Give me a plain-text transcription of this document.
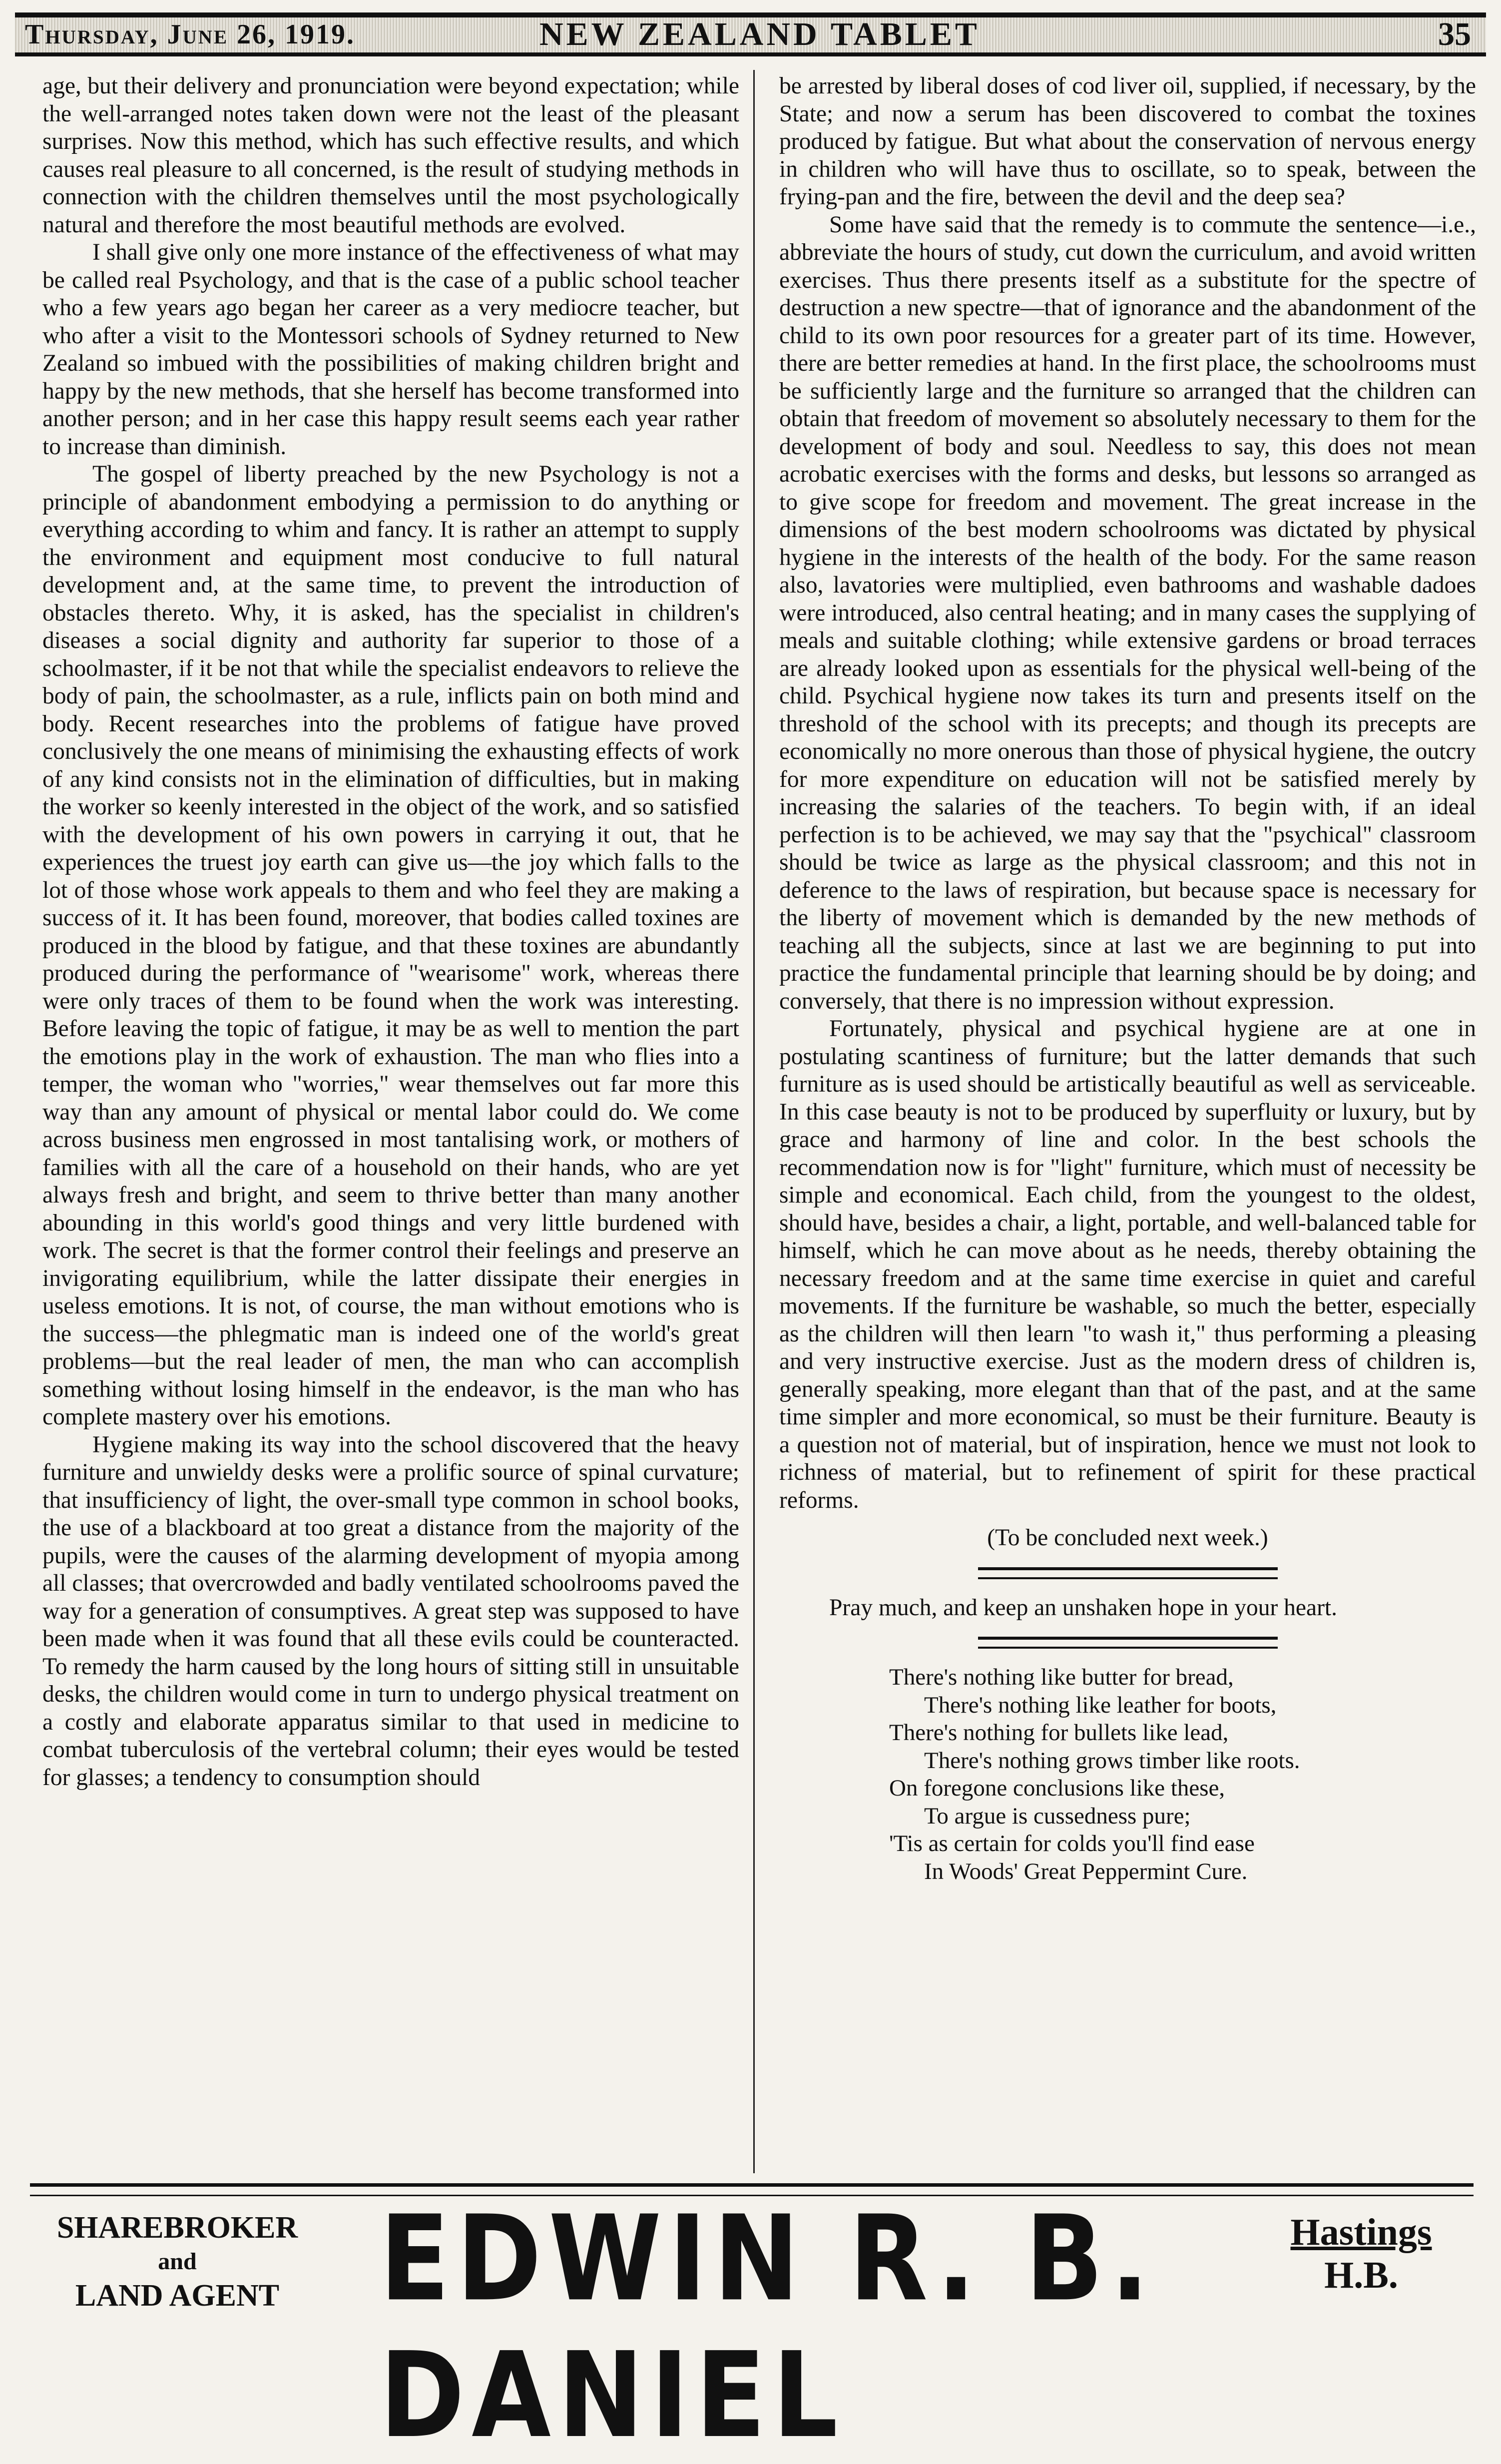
Thursday, June 26, 1919.	NEW ZEALAND TABLET	35

age, but their delivery and pronunciation were beyond expectation; while the well-arranged notes taken down were not the least of the pleasant surprises. Now this method, which has such effective results, and which causes real pleasure to all concerned, is the result of studying methods in connection with the children themselves until the most psychologically natural and therefore the most beautiful methods are evolved.

I shall give only one more instance of the effectiveness of what may be called real Psychology, and that is the case of a public school teacher who a few years ago began her career as a very mediocre teacher, but who after a visit to the Montessori schools of Sydney returned to New Zealand so imbued with the possibilities of making children bright and happy by the new methods, that she herself has become transformed into another person; and in her case this happy result seems each year rather to increase than diminish.

The gospel of liberty preached by the new Psychology is not a principle of abandonment embodying a permission to do anything or everything according to whim and fancy. It is rather an attempt to supply the environment and equipment most conducive to full natural development and, at the same time, to prevent the introduction of obstacles thereto. Why, it is asked, has the specialist in children's diseases a social dignity and authority far superior to those of a schoolmaster, if it be not that while the specialist endeavors to relieve the body of pain, the schoolmaster, as a rule, inflicts pain on both mind and body. Recent researches into the problems of fatigue have proved conclusively the one means of minimising the exhausting effects of work of any kind consists not in the elimination of difficulties, but in making the worker so keenly interested in the object of the work, and so satisfied with the development of his own powers in carrying it out, that he experiences the truest joy earth can give us—the joy which falls to the lot of those whose work appeals to them and who feel they are making a success of it. It has been found, moreover, that bodies called toxines are produced in the blood by fatigue, and that these toxines are abundantly produced during the performance of "wearisome" work, whereas there were only traces of them to be found when the work was interesting. Before leaving the topic of fatigue, it may be as well to mention the part the emotions play in the work of exhaustion. The man who flies into a temper, the woman who "worries," wear themselves out far more this way than any amount of physical or mental labor could do. We come across business men engrossed in most tantalising work, or mothers of families with all the care of a household on their hands, who are yet always fresh and bright, and seem to thrive better than many another abounding in this world's good things and very little burdened with work. The secret is that the former control their feelings and preserve an invigorating equilibrium, while the latter dissipate their energies in useless emotions. It is not, of course, the man without emotions who is the success—the phlegmatic man is indeed one of the world's great problems—but the real leader of men, the man who can accomplish something without losing himself in the endeavor, is the man who has complete mastery over his emotions.

Hygiene making its way into the school discovered that the heavy furniture and unwieldy desks were a prolific source of spinal curvature; that insufficiency of light, the over-small type common in school books, the use of a blackboard at too great a distance from the majority of the pupils, were the causes of the alarming development of myopia among all classes; that overcrowded and badly ventilated schoolrooms paved the way for a generation of consumptives. A great step was supposed to have been made when it was found that all these evils could be counteracted. To remedy the harm caused by the long hours of sitting still in unsuitable desks, the children would come in turn to undergo physical treatment on a costly and elaborate apparatus similar to that used in medicine to combat tuberculosis of the vertebral column; their eyes would be tested for glasses; a tendency to consumption should

be arrested by liberal doses of cod liver oil, supplied, if necessary, by the State; and now a serum has been discovered to combat the toxines produced by fatigue. But what about the conservation of nervous energy in children who will have thus to oscillate, so to speak, between the frying-pan and the fire, between the devil and the deep sea?

Some have said that the remedy is to commute the sentence—i.e., abbreviate the hours of study, cut down the curriculum, and avoid written exercises. Thus there presents itself as a substitute for the spectre of destruction a new spectre—that of ignorance and the abandonment of the child to its own poor resources for a greater part of its time. However, there are better remedies at hand. In the first place, the schoolrooms must be sufficiently large and the furniture so arranged that the children can obtain that freedom of movement so absolutely necessary to them for the development of body and soul. Needless to say, this does not mean acrobatic exercises with the forms and desks, but lessons so arranged as to give scope for freedom and movement. The great increase in the dimensions of the best modern schoolrooms was dictated by physical hygiene in the interests of the health of the body. For the same reason also, lavatories were multiplied, even bathrooms and washable dadoes were introduced, also central heating; and in many cases the supplying of meals and suitable clothing; while extensive gardens or broad terraces are already looked upon as essentials for the physical well-being of the child. Psychical hygiene now takes its turn and presents itself on the threshold of the school with its precepts; and though its precepts are economically no more onerous than those of physical hygiene, the outcry for more expenditure on education will not be satisfied merely by increasing the salaries of the teachers. To begin with, if an ideal perfection is to be achieved, we may say that the "psychical" classroom should be twice as large as the physical classroom; and this not in deference to the laws of respiration, but because space is necessary for the liberty of movement which is demanded by the new methods of teaching all the subjects, since at last we are beginning to put into practice the fundamental principle that learning should be by doing; and conversely, that there is no impression without expression.

Fortunately, physical and psychical hygiene are at one in postulating scantiness of furniture; but the latter demands that such furniture as is used should be artistically beautiful as well as serviceable. In this case beauty is not to be produced by superfluity or luxury, but by grace and harmony of line and color. In the best schools the recommendation now is for "light" furniture, which must of necessity be simple and economical. Each child, from the youngest to the oldest, should have, besides a chair, a light, portable, and well-balanced table for himself, which he can move about as he needs, thereby obtaining the necessary freedom and at the same time exercise in quiet and careful movements. If the furniture be washable, so much the better, especially as the children will then learn "to wash it," thus performing a pleasing and very instructive exercise. Just as the modern dress of children is, generally speaking, more elegant than that of the past, and at the same time simpler and more economical, so must be their furniture. Beauty is a question not of material, but of inspiration, hence we must not look to richness of material, but to refinement of spirit for these practical reforms.

(To be concluded next week.)

Pray much, and keep an unshaken hope in your heart.

There's nothing like butter for bread,
There's nothing like leather for boots,
There's nothing for bullets like lead,
There's nothing grows timber like roots.
On foregone conclusions like these,
To argue is cussedness pure;
'Tis as certain for colds you'll find ease
In Woods' Great Peppermint Cure.
SHAREBROKER
and
LAND AGENT EDWIN R. B. DANIEL
Hastings
H.B.
